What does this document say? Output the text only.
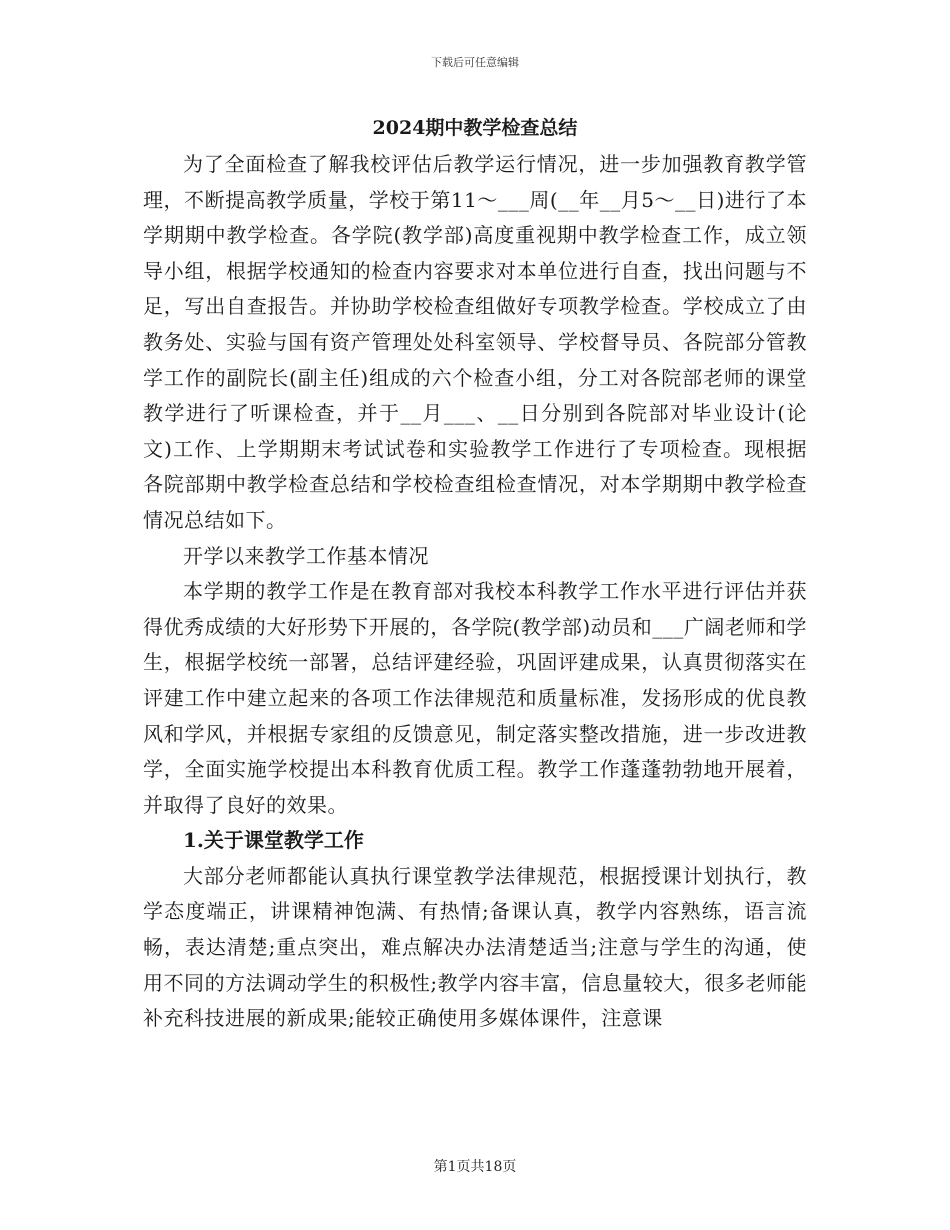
下载后可任意编辑
2024期中教学检查总结

为了全面检查了解我校评估后教学运行情况，进一步加强教育教学管理，不断提高教学质量，学校于第11～___周(__年__月5～__日)进行了本学期期中教学检查。各学院(教学部)高度重视期中教学检查工作，成立领导小组，根据学校通知的检查内容要求对本单位进行自查，找出问题与不足，写出自查报告。并协助学校检查组做好专项教学检查。学校成立了由教务处、实验与国有资产管理处处科室领导、学校督导员、各院部分管教学工作的副院长(副主任)组成的六个检查小组，分工对各院部老师的课堂教学进行了听课检查，并于__月___、__日分别到各院部对毕业设计(论文)工作、上学期期末考试试卷和实验教学工作进行了专项检查。现根据各院部期中教学检查总结和学校检查组检查情况，对本学期期中教学检查情况总结如下。

开学以来教学工作基本情况

本学期的教学工作是在教育部对我校本科教学工作水平进行评估并获得优秀成绩的大好形势下开展的，各学院(教学部)动员和___广阔老师和学生，根据学校统一部署，总结评建经验，巩固评建成果，认真贯彻落实在评建工作中建立起来的各项工作法律规范和质量标准，发扬形成的优良教风和学风，并根据专家组的反馈意见，制定落实整改措施，进一步改进教学，全面实施学校提出本科教育优质工程。教学工作蓬蓬勃勃地开展着，并取得了良好的效果。

1.关于课堂教学工作

大部分老师都能认真执行课堂教学法律规范，根据授课计划执行，教学态度端正，讲课精神饱满、有热情;备课认真，教学内容熟练，语言流畅，表达清楚;重点突出，难点解决办法清楚适当;注意与学生的沟通，使用不同的方法调动学生的积极性;教学内容丰富，信息量较大，很多老师能补充科技进展的新成果;能较正确使用多媒体课件，注意课

第1页共18页
